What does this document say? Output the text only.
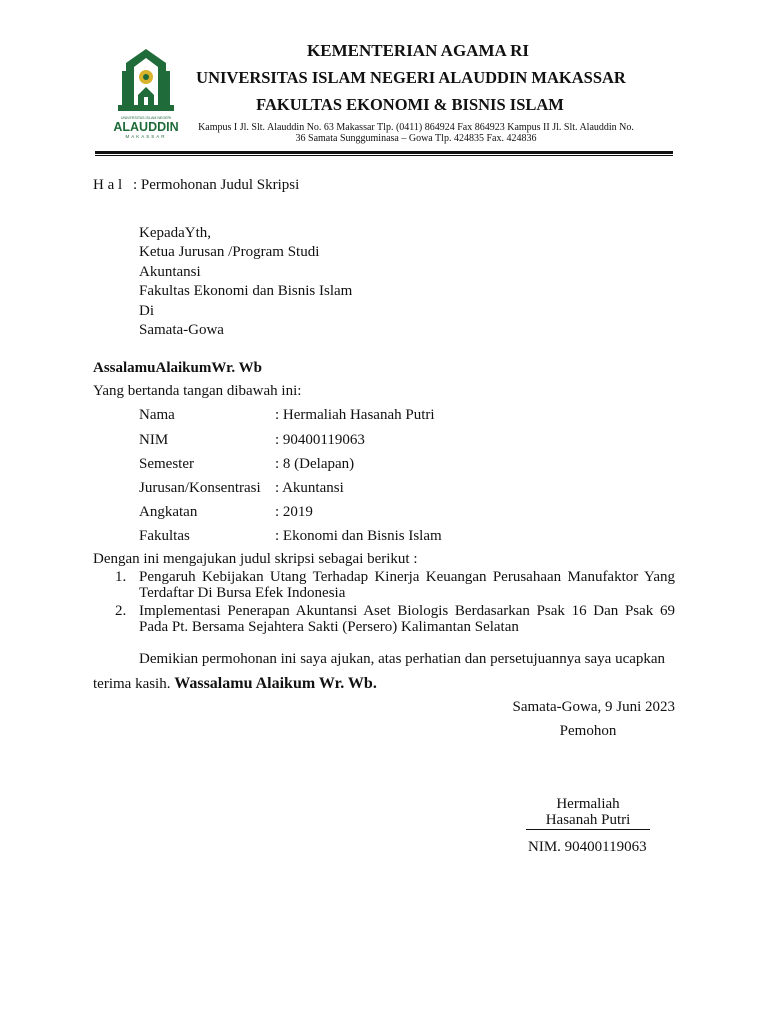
UNIVERSITAS ISLAM NEGERI
ALAUDDIN
MAKASSAR
KEMENTERIAN AGAMA RI
UNIVERSITAS ISLAM NEGERI ALAUDDIN MAKASSAR
FAKULTAS EKONOMI & BISNIS ISLAM
Kampus I Jl. Slt. Alauddin No. 63 Makassar Tlp. (0411) 864924 Fax 864923 Kampus II Jl. Slt. Alauddin No.
36 Samata Sungguminasa – Gowa Tlp. 424835 Fax. 424836
H a l : Permohonan Judul Skripsi
KepadaYth,
Ketua Jurusan /Program Studi
Akuntansi
Fakultas Ekonomi dan Bisnis Islam
Di
Samata-Gowa
AssalamuAlaikumWr. Wb
Yang bertanda tangan dibawah ini:
Nama	: Hermaliah Hasanah Putri
NIM	: 90400119063
Semester	: 8 (Delapan)
Jurusan/Konsentrasi : Akuntansi
Angkatan	: 2019
Fakultas	: Ekonomi dan Bisnis Islam
Dengan ini mengajukan judul skripsi sebagai berikut :
1. Pengaruh Kebijakan Utang Terhadap Kinerja Keuangan Perusahaan Manufaktor Yang Terdaftar Di Bursa Efek Indonesia
2. Implementasi Penerapan Akuntansi Aset Biologis Berdasarkan Psak 16 Dan Psak 69 Pada Pt. Bersama Sejahtera Sakti (Persero) Kalimantan Selatan
Demikian permohonan ini saya ajukan, atas perhatian dan persetujuannya saya ucapkan
terima kasih. Wassalamu Alaikum Wr. Wb.
Samata-Gowa, 9 Juni 2023
Pemohon
Hermaliah
Hasanah Putri
NIM. 90400119063
